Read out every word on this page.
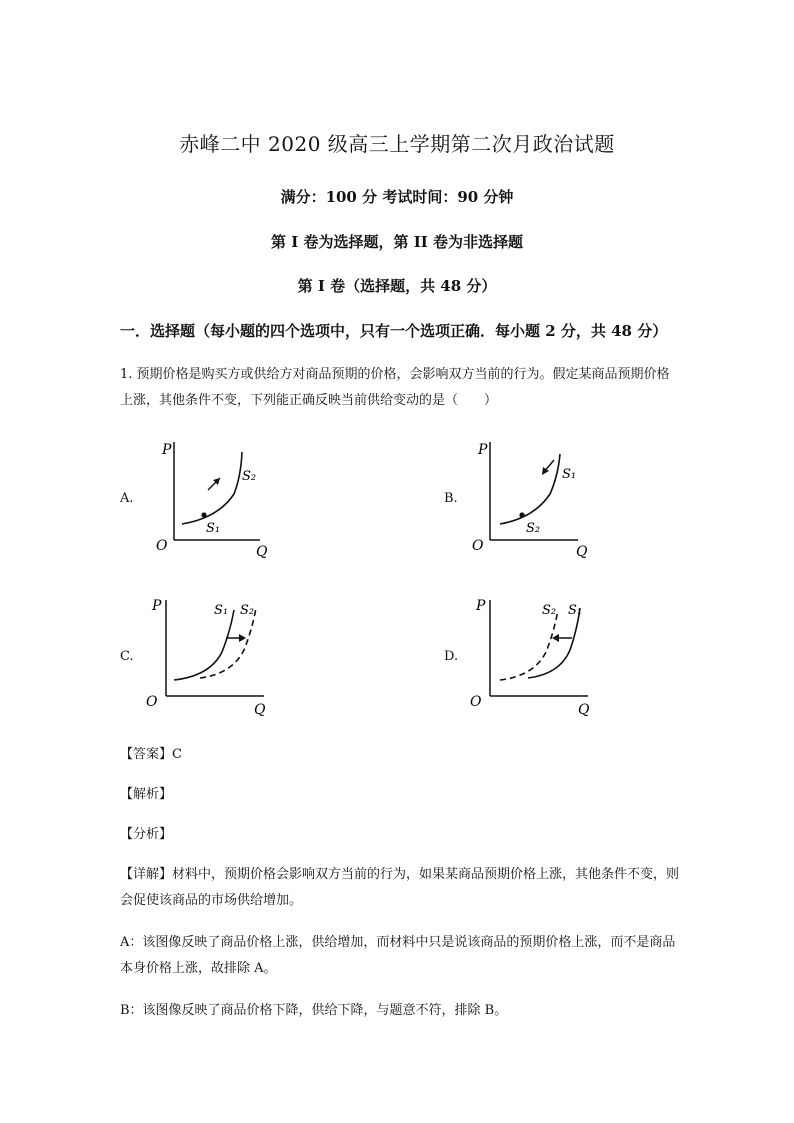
赤峰二中 2020 级高三上学期第二次月政治试题
满分：100 分 考试时间：90 分钟
第 I 卷为选择题，第 II 卷为非选择题
第 I 卷（选择题，共 48 分）
一．选择题（每小题的四个选项中，只有一个选项正确．每小题 2 分，共 48 分）
1. 预期价格是购买方或供给方对商品预期的价格，会影响双方当前的行为。假定某商品预期价格上涨，其他条件不变，下列能正确反映当前供给变动的是（　　）
A.
P
O	Q
S₂
S₁
B.
P
O	Q
S₁
S₂
C.
P
O	Q
S₁ S₂
D.
P
O	Q
S₂ S₁
【答案】C
【解析】
【分析】
【详解】材料中，预期价格会影响双方当前的行为，如果某商品预期价格上涨，其他条件不变，则会促使该商品的市场供给增加。
A：该图像反映了商品价格上涨，供给增加，而材料中只是说该商品的预期价格上涨，而不是商品本身价格上涨，故排除 A。
B：该图像反映了商品价格下降，供给下降，与题意不符，排除 B。
